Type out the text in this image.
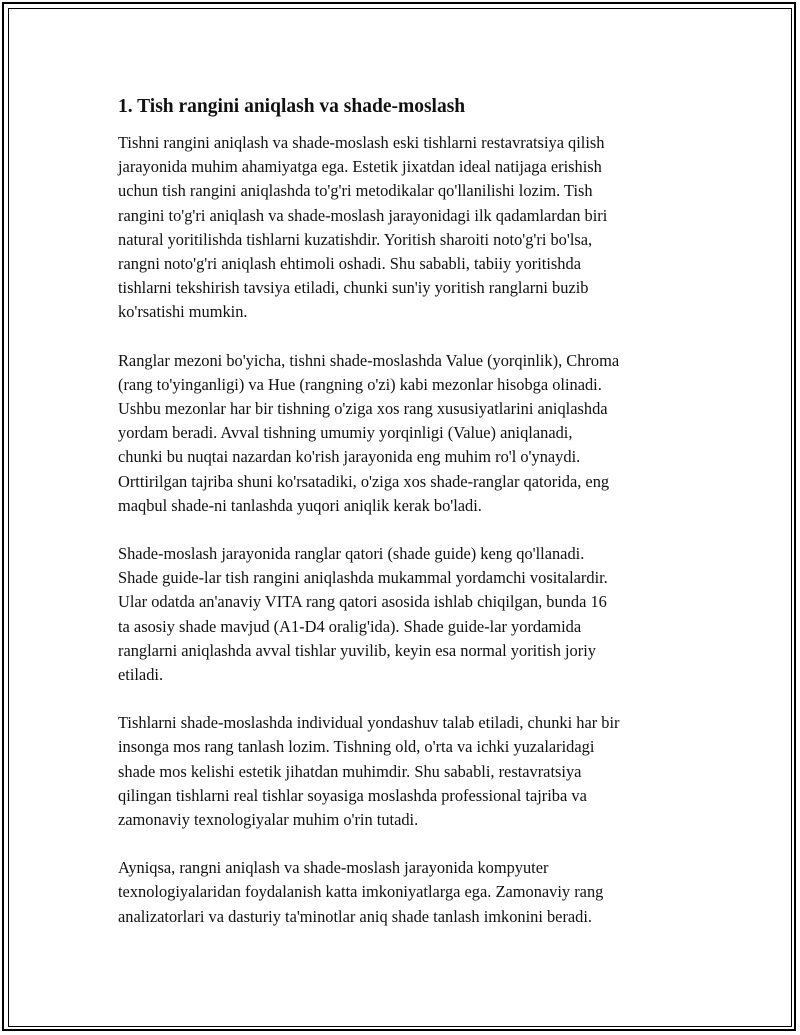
1. Tish rangini aniqlash va shade-moslash

Tishni rangini aniqlash va shade-moslash eski tishlarni restavratsiya qilish
jarayonida muhim ahamiyatga ega. Estetik jixatdan ideal natijaga erishish
uchun tish rangini aniqlashda to'g'ri metodikalar qo'llanilishi lozim. Tish
rangini to'g'ri aniqlash va shade-moslash jarayonidagi ilk qadamlardan biri
natural yoritilishda tishlarni kuzatishdir. Yoritish sharoiti noto'g'ri bo'lsa,
rangni noto'g'ri aniqlash ehtimoli oshadi. Shu sababli, tabiiy yoritishda
tishlarni tekshirish tavsiya etiladi, chunki sun'iy yoritish ranglarni buzib
ko'rsatishi mumkin.

Ranglar mezoni bo'yicha, tishni shade-moslashda Value (yorqinlik), Chroma
(rang to'yinganligi) va Hue (rangning o'zi) kabi mezonlar hisobga olinadi.
Ushbu mezonlar har bir tishning o'ziga xos rang xususiyatlarini aniqlashda
yordam beradi. Avval tishning umumiy yorqinligi (Value) aniqlanadi,
chunki bu nuqtai nazardan ko'rish jarayonida eng muhim ro'l o'ynaydi.
Orttirilgan tajriba shuni ko'rsatadiki, o'ziga xos shade-ranglar qatorida, eng
maqbul shade-ni tanlashda yuqori aniqlik kerak bo'ladi.

Shade-moslash jarayonida ranglar qatori (shade guide) keng qo'llanadi.
Shade guide-lar tish rangini aniqlashda mukammal yordamchi vositalardir.
Ular odatda an'anaviy VITA rang qatori asosida ishlab chiqilgan, bunda 16
ta asosiy shade mavjud (A1-D4 oralig'ida). Shade guide-lar yordamida
ranglarni aniqlashda avval tishlar yuvilib, keyin esa normal yoritish joriy
etiladi.

Tishlarni shade-moslashda individual yondashuv talab etiladi, chunki har bir
insonga mos rang tanlash lozim. Tishning old, o'rta va ichki yuzalaridagi
shade mos kelishi estetik jihatdan muhimdir. Shu sababli, restavratsiya
qilingan tishlarni real tishlar soyasiga moslashda professional tajriba va
zamonaviy texnologiyalar muhim o'rin tutadi.

Ayniqsa, rangni aniqlash va shade-moslash jarayonida kompyuter
texnologiyalaridan foydalanish katta imkoniyatlarga ega. Zamonaviy rang
analizatorlari va dasturiy ta'minotlar aniq shade tanlash imkonini beradi.
